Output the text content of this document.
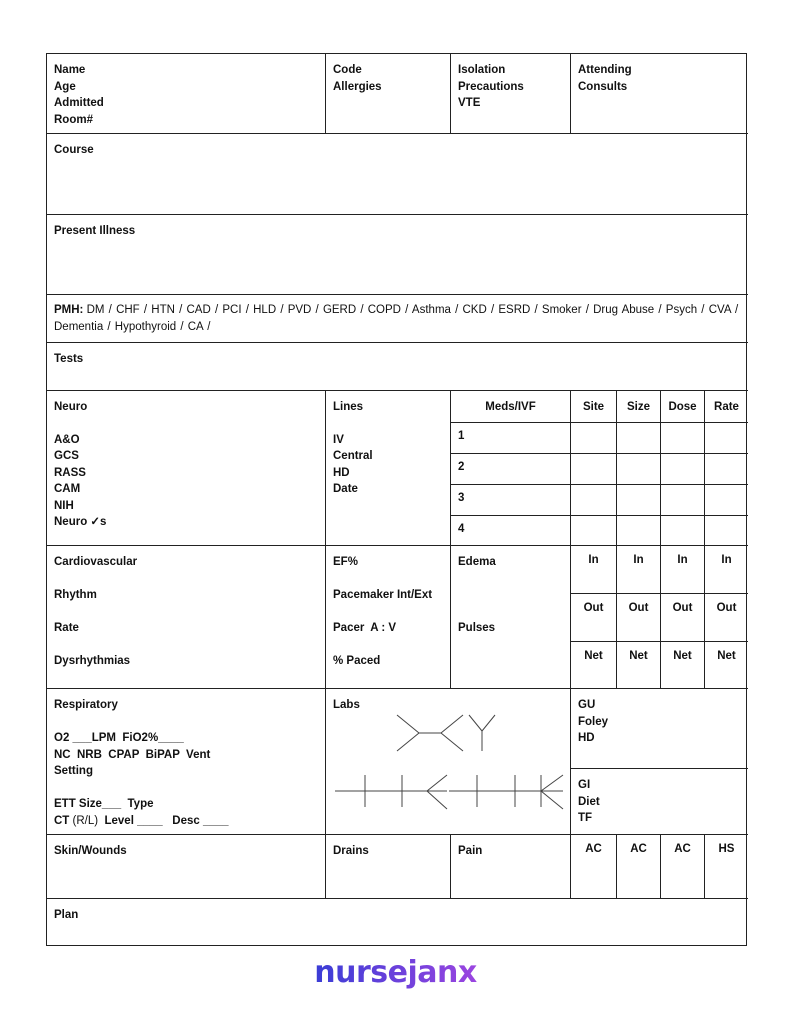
Name
Age
Admitted
Room#
Code
Allergies
Isolation
Precautions
VTE
Attending
Consults
Course
Present Illness
PMH: DM / CHF / HTN / CAD / PCI / HLD / PVD / GERD / COPD / Asthma / CKD / ESRD / Smoker / Drug Abuse / Psych / CVA / Dementia / Hypothyroid / CA /
Tests
Neuro
A&O
GCS
RASS
CAM
NIH
Neuro ✓s
Lines
IV
Central
HD
Date
Meds/IVF	Site	Size	Dose	Rate
1
2
3
4
Cardiovascular
Rhythm
Rate
Dysrhythmias
EF%
Pacemaker Int/Ext
Pacer  A : V
% Paced
Edema
Pulses
In	In	In	In
Out	Out	Out	Out
Net	Net	Net	Net
Respiratory
O2 ___LPM  FiO2%____
NC  NRB  CPAP  BiPAP  Vent
Setting
ETT Size___  Type
CT (R/L)  Level ____   Desc ____
Labs	GU
Foley
HD
GI
Diet
TF
Skin/Wounds	Drains	Pain	AC	AC	AC	HS
Plan
nursejanx
